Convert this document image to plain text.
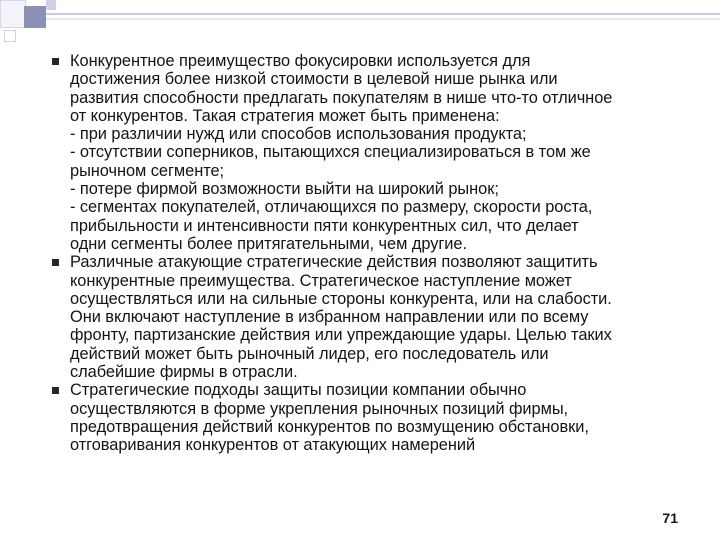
Конкурентное преимущество фокусировки используется для
достижения более низкой стоимости в целевой нише рынка или
развития способности предлагать покупателям в нише что-то отличное
от конкурентов. Такая стратегия может быть применена:
- при различии нужд или способов использования продукта;
- отсутствии соперников, пытающихся специализироваться в том же
рыночном сегменте;
- потере фирмой возможности выйти на широкий рынок;
- сегментах покупателей, отличающихся по размеру, скорости роста,
прибыльности и интенсивности пяти конкурентных сил, что делает
одни сегменты более притягательными, чем другие.
Различные атакующие стратегические действия позволяют защитить
конкурентные преимущества. Стратегическое наступление может
осуществляться или на сильные стороны конкурента, или на слабости.
Они включают наступление в избранном направлении или по всему
фронту, партизанские действия или упреждающие удары. Целью таких
действий может быть рыночный лидер, его последователь или
слабейшие фирмы в отрасли.
Стратегические подходы защиты позиции компании обычно
осуществляются в форме укрепления рыночных позиций фирмы,
предотвращения действий конкурентов по возмущению обстановки,
отговаривания конкурентов от атакующих намерений
71
